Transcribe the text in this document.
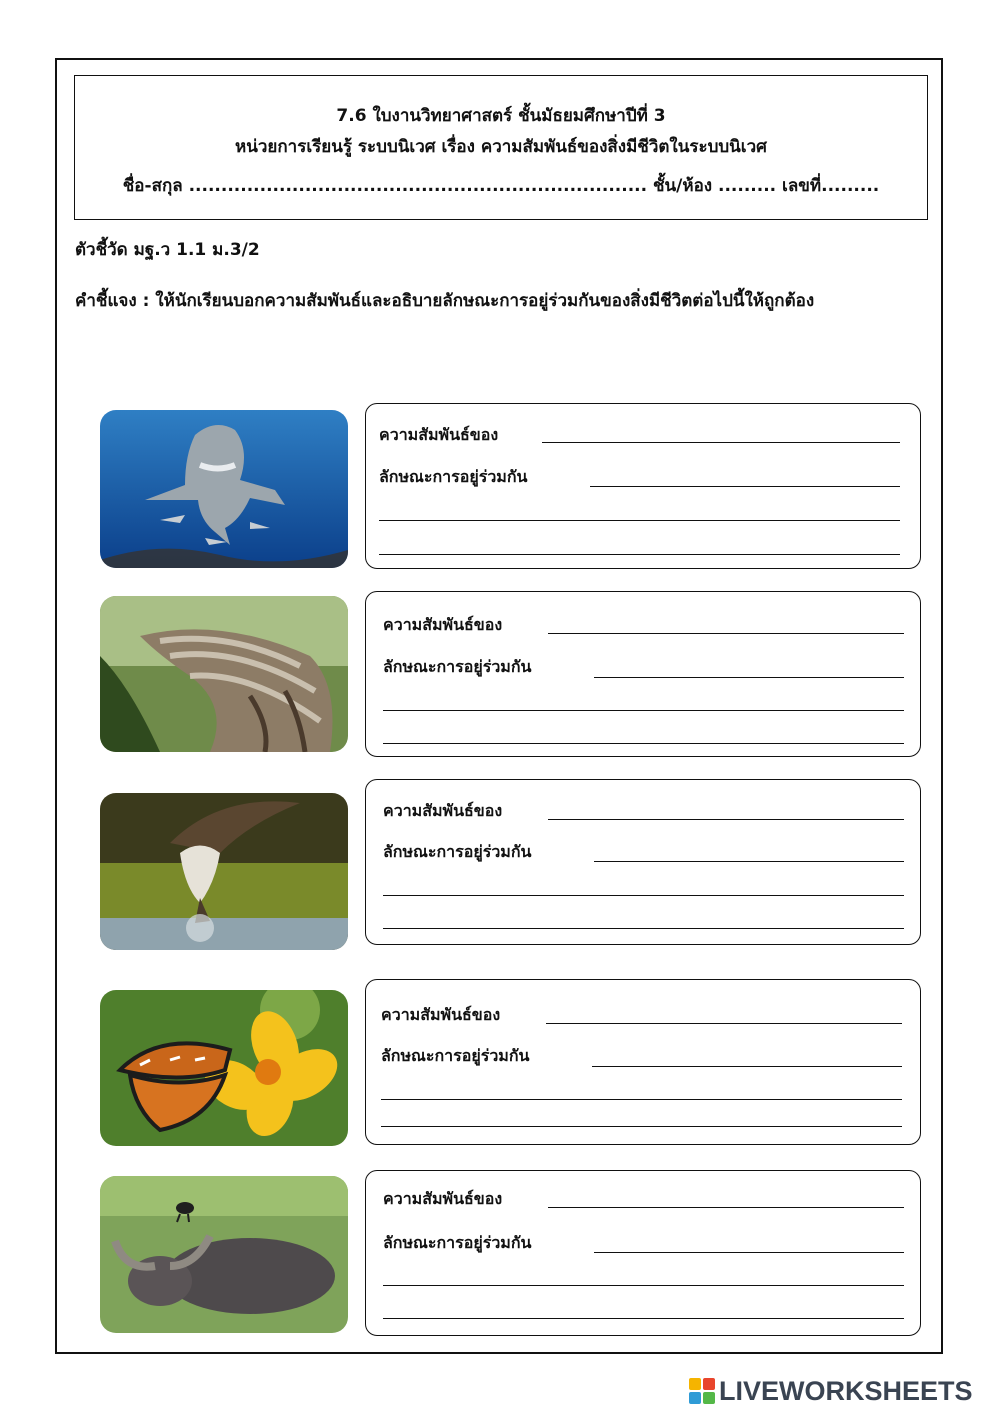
7.6 ใบงานวิทยาศาสตร์ ชั้นมัธยมศึกษาปีที่ 3
หน่วยการเรียนรู้ ระบบนิเวศ เรื่อง ความสัมพันธ์ของสิ่งมีชีวิตในระบบนิเวศ
ชื่อ-สกุล ....................................................................... ชั้น/ห้อง ......... เลขที่.........
ตัวชี้วัด มฐ.ว 1.1 ม.3/2
คำชี้แจง : ให้นักเรียนบอกความสัมพันธ์และอธิบายลักษณะการอยู่ร่วมกันของสิ่งมีชีวิตต่อไปนี้ให้ถูกต้อง
ความสัมพันธ์ของ
ลักษณะการอยู่ร่วมกัน
ความสัมพันธ์ของ
ลักษณะการอยู่ร่วมกัน
ความสัมพันธ์ของ
ลักษณะการอยู่ร่วมกัน
ความสัมพันธ์ของ
ลักษณะการอยู่ร่วมกัน
ความสัมพันธ์ของ
ลักษณะการอยู่ร่วมกัน
LIVEWORKSHEETS
